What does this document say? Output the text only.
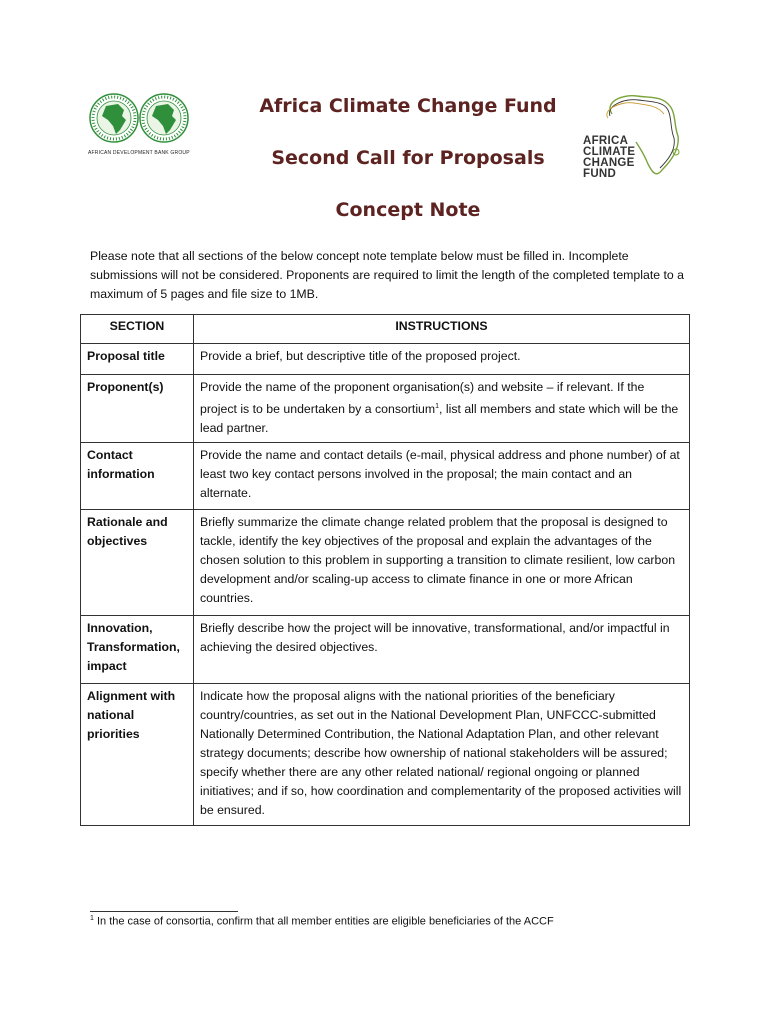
AFRICAN DEVELOPMENT BANK GROUP
Africa Climate Change Fund
Second Call for Proposals
Concept Note
AFRICA
CLIMATE
CHANGE
FUND

Please note that all sections of the below concept note template below must be filled in. Incomplete submissions will not be considered. Proponents are required to limit the length of the completed template to a maximum of 5 pages and file size to 1MB.

SECTION	INSTRUCTIONS
Proposal title	Provide a brief, but descriptive title of the proposed project.
Proponent(s)	Provide the name of the proponent organisation(s) and website – if relevant. If the project is to be undertaken by a consortium$^1$, list all members and state which will be the lead partner.
Contact information	Provide the name and contact details (e-mail, physical address and phone number) of at least two key contact persons involved in the proposal; the main contact and an alternate.
Rationale and objectives	Briefly summarize the climate change related problem that the proposal is designed to tackle, identify the key objectives of the proposal and explain the advantages of the chosen solution to this problem in supporting a transition to climate resilient, low carbon development and/or scaling-up access to climate finance in one or more African countries.
Innovation, Transformation, impact	Briefly describe how the project will be innovative, transformational, and/or impactful in achieving the desired objectives.
Alignment with national priorities	Indicate how the proposal aligns with the national priorities of the beneficiary country/countries, as set out in the National Development Plan, UNFCCC-submitted Nationally Determined Contribution, the National Adaptation Plan, and other relevant strategy documents; describe how ownership of national stakeholders will be assured; specify whether there are any other related national/ regional ongoing or planned initiatives; and if so, how coordination and complementarity of the proposed activities will be ensured.
$^1$ In the case of consortia, confirm that all member entities are eligible beneficiaries of the ACCF
